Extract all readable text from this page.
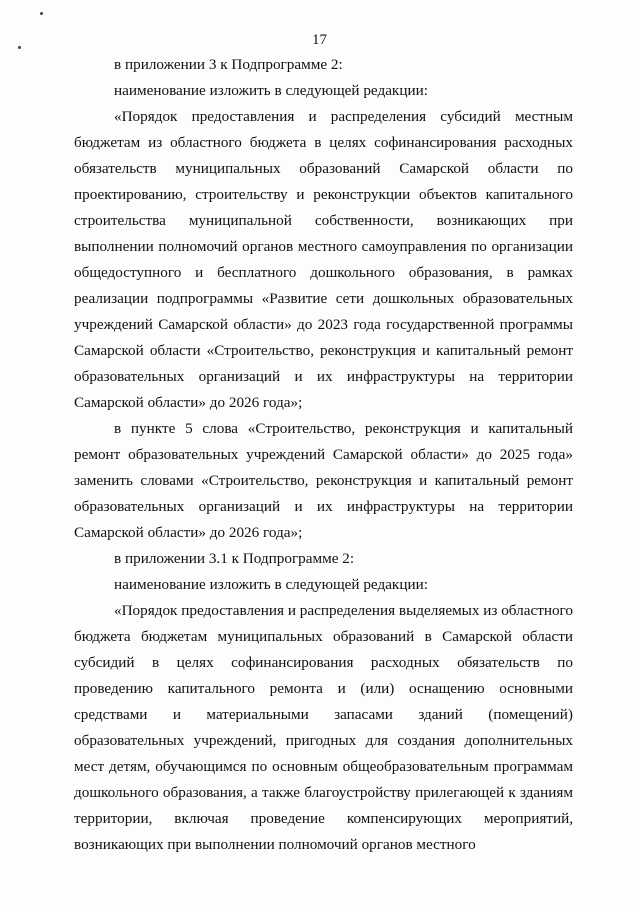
17

в приложении 3 к Подпрограмме 2:

наименование изложить в следующей редакции:

«Порядок предоставления и распределения субсидий местным бюджетам из областного бюджета в целях софинансирования расходных обязательств муниципальных образований Самарской области по проектированию, строительству и реконструкции объектов капитального строительства муниципальной собственности, возникающих при выполнении полномочий органов местного самоуправления по организации общедоступного и бесплатного дошкольного образования, в рамках реализации подпрограммы «Развитие сети дошкольных образовательных учреждений Самарской области» до 2023 года государственной программы Самарской области «Строительство, реконструкция и капитальный ремонт образовательных организаций и их инфраструктуры на территории Самарской области» до 2026 года»;

в пункте 5 слова «Строительство, реконструкция и капитальный ремонт образовательных учреждений Самарской области» до 2025 года» заменить словами «Строительство, реконструкция и капитальный ремонт образовательных организаций и их инфраструктуры на территории Самарской области» до 2026 года»;

в приложении 3.1 к Подпрограмме 2:

наименование изложить в следующей редакции:

«Порядок предоставления и распределения выделяемых из областного бюджета бюджетам муниципальных образований в Самарской области субсидий в целях софинансирования расходных обязательств по проведению капитального ремонта и (или) оснащению основными средствами и материальными запасами зданий (помещений) образовательных учреждений, пригодных для создания дополнительных мест детям, обучающимся по основным общеобразовательным программам дошкольного образования, а также благоустройству прилегающей к зданиям территории, включая проведение компенсирующих мероприятий, возникающих при выполнении полномочий органов местного
